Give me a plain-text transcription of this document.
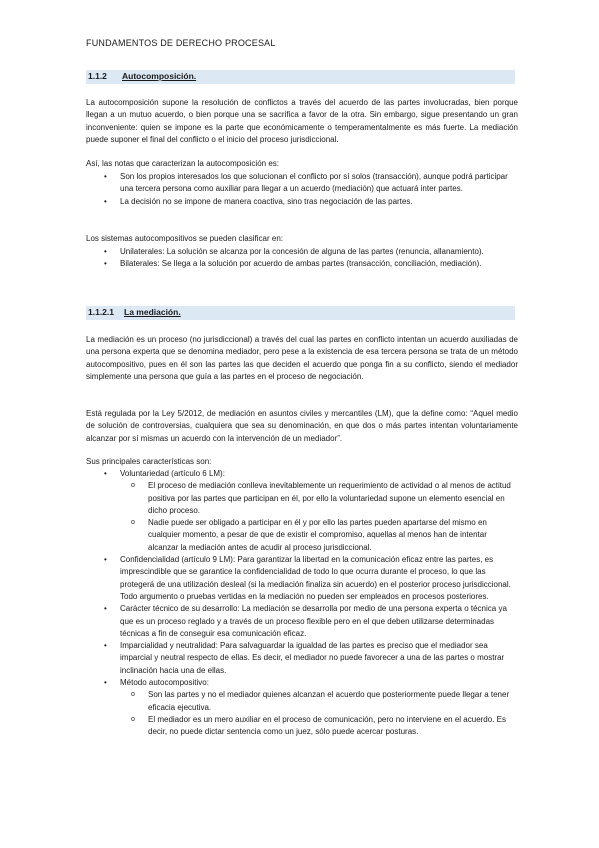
FUNDAMENTOS DE DERECHO PROCESAL
1.1.2 Autocomposición.

La autocomposición supone la resolución de conflictos a través del acuerdo de las partes involucradas, bien porque llegan a un mutuo acuerdo, o bien porque una se sacrifica a favor de la otra. Sin embargo, sigue presentando un gran inconveniente: quien se impone es la parte que económicamente o temperamentalmente es más fuerte. La mediación puede suponer el final del conflicto o el inicio del proceso jurisdiccional.

Así, las notas que caracterizan la autocomposición es:

• Son los propios interesados los que solucionan el conflicto por sí solos (transacción), aunque podrá participar una tercera persona como auxiliar para llegar a un acuerdo (mediación) que actuará inter partes.
• La decisión no se impone de manera coactiva, sino tras negociación de las partes.

Los sistemas autocompositivos se pueden clasificar en:

• Unilaterales: La solución se alcanza por la concesión de alguna de las partes (renuncia, allanamiento).
• Bilaterales: Se llega a la solución por acuerdo de ambas partes (transacción, conciliación, mediación).
1.1.2.1 La mediación.

La mediación es un proceso (no jurisdiccional) a través del cual las partes en conflicto intentan un acuerdo auxiliadas de una persona experta que se denomina mediador, pero pese a la existencia de esa tercera persona se trata de un método autocompositivo, pues en él son las partes las que deciden el acuerdo que ponga fin a su conflicto, siendo el mediador simplemente una persona que guía a las partes en el proceso de negociación.

Está regulada por la Ley 5/2012, de mediación en asuntos civiles y mercantiles (LM), que la define como: “Aquel medio de solución de controversias, cualquiera que sea su denominación, en que dos o más partes intentan voluntariamente alcanzar por sí mismas un acuerdo con la intervención de un mediador”.

Sus principales características son:

• Voluntariedad (artículo 6 LM):
o El proceso de mediación conlleva inevitablemente un requerimiento de actividad o al menos de actitud positiva por las partes que participan en él, por ello la voluntariedad supone un elemento esencial en dicho proceso.
o Nadie puede ser obligado a participar en él y por ello las partes pueden apartarse del mismo en cualquier momento, a pesar de que de existir el compromiso, aquellas al menos han de intentar alcanzar la mediación antes de acudir al proceso jurisdiccional.
• Confidencialidad (artículo 9 LM): Para garantizar la libertad en la comunicación eficaz entre las partes, es imprescindible que se garantice la confidencialidad de todo lo que ocurra durante el proceso, lo que las protegerá de una utilización desleal (si la mediación finaliza sin acuerdo) en el posterior proceso jurisdiccional. Todo argumento o pruebas vertidas en la mediación no pueden ser empleados en procesos posteriores.
• Carácter técnico de su desarrollo: La mediación se desarrolla por medio de una persona experta o técnica ya que es un proceso reglado y a través de un proceso flexible pero en el que deben utilizarse determinadas técnicas a fin de conseguir esa comunicación eficaz.
• Imparcialidad y neutralidad: Para salvaguardar la igualdad de las partes es preciso que el mediador sea imparcial y neutral respecto de ellas. Es decir, el mediador no puede favorecer a una de las partes o mostrar inclinación hacia una de ellas.
• Método autocompositivo:
o Son las partes y no el mediador quienes alcanzan el acuerdo que posteriormente puede llegar a tener eficacia ejecutiva.
o El mediador es un mero auxiliar en el proceso de comunicación, pero no interviene en el acuerdo. Es decir, no puede dictar sentencia como un juez, sólo puede acercar posturas.
